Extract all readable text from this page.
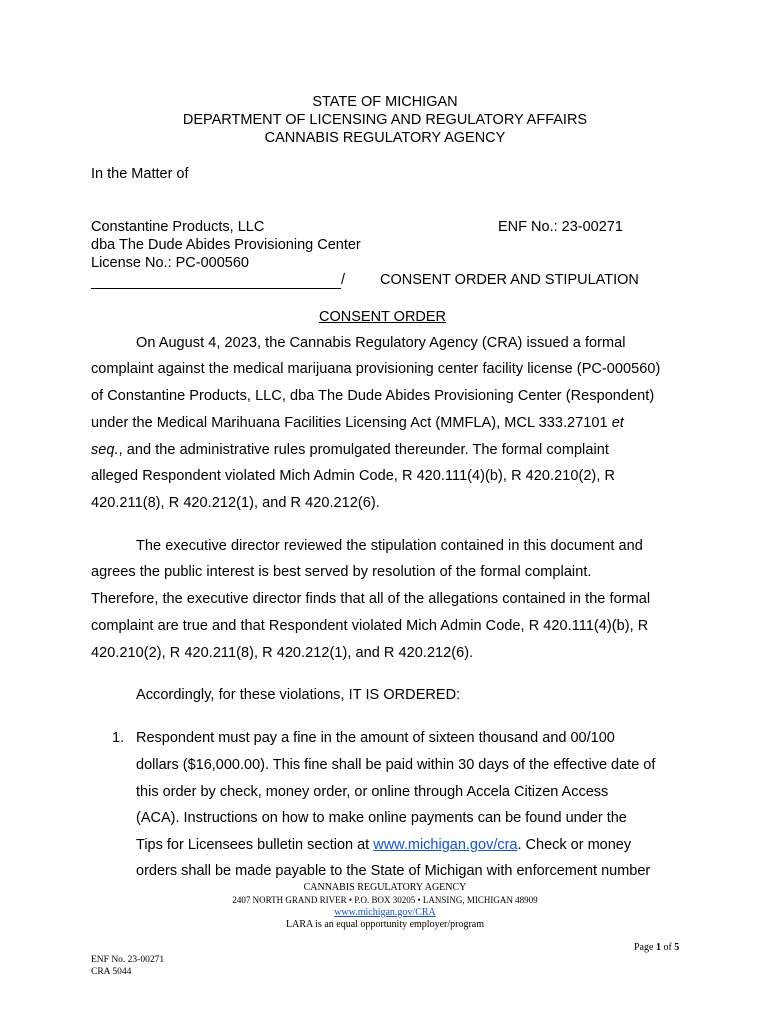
STATE OF MICHIGAN
DEPARTMENT OF LICENSING AND REGULATORY AFFAIRS
CANNABIS REGULATORY AGENCY
In the Matter of
Constantine Products, LLC	ENF No.: 23-00271
dba The Dude Abides Provisioning Center
License No.: PC-000560
/ CONSENT ORDER AND STIPULATION
CONSENT ORDER
On August 4, 2023, the Cannabis Regulatory Agency (CRA) issued a formal
complaint against the medical marijuana provisioning center facility license (PC-000560)
of Constantine Products, LLC, dba The Dude Abides Provisioning Center (Respondent)
under the Medical Marihuana Facilities Licensing Act (MMFLA), MCL 333.27101 et
seq., and the administrative rules promulgated thereunder. The formal complaint
alleged Respondent violated Mich Admin Code, R 420.111(4)(b), R 420.210(2), R
420.211(8), R 420.212(1), and R 420.212(6).
The executive director reviewed the stipulation contained in this document and
agrees the public interest is best served by resolution of the formal complaint.
Therefore, the executive director finds that all of the allegations contained in the formal
complaint are true and that Respondent violated Mich Admin Code, R 420.111(4)(b), R
420.210(2), R 420.211(8), R 420.212(1), and R 420.212(6).
Accordingly, for these violations, IT IS ORDERED:
1. Respondent must pay a fine in the amount of sixteen thousand and 00/100
dollars ($16,000.00). This fine shall be paid within 30 days of the effective date of
this order by check, money order, or online through Accela Citizen Access
(ACA). Instructions on how to make online payments can be found under the
Tips for Licensees bulletin section at www.michigan.gov/cra. Check or money
orders shall be made payable to the State of Michigan with enforcement number
CANNABIS REGULATORY AGENCY
2407 NORTH GRAND RIVER • P.O. BOX 30205 • LANSING, MICHIGAN 48909
www.michigan.gov/CRA
LARA is an equal opportunity employer/program
Page 1 of 5
ENF No. 23-00271
CRA 5044
